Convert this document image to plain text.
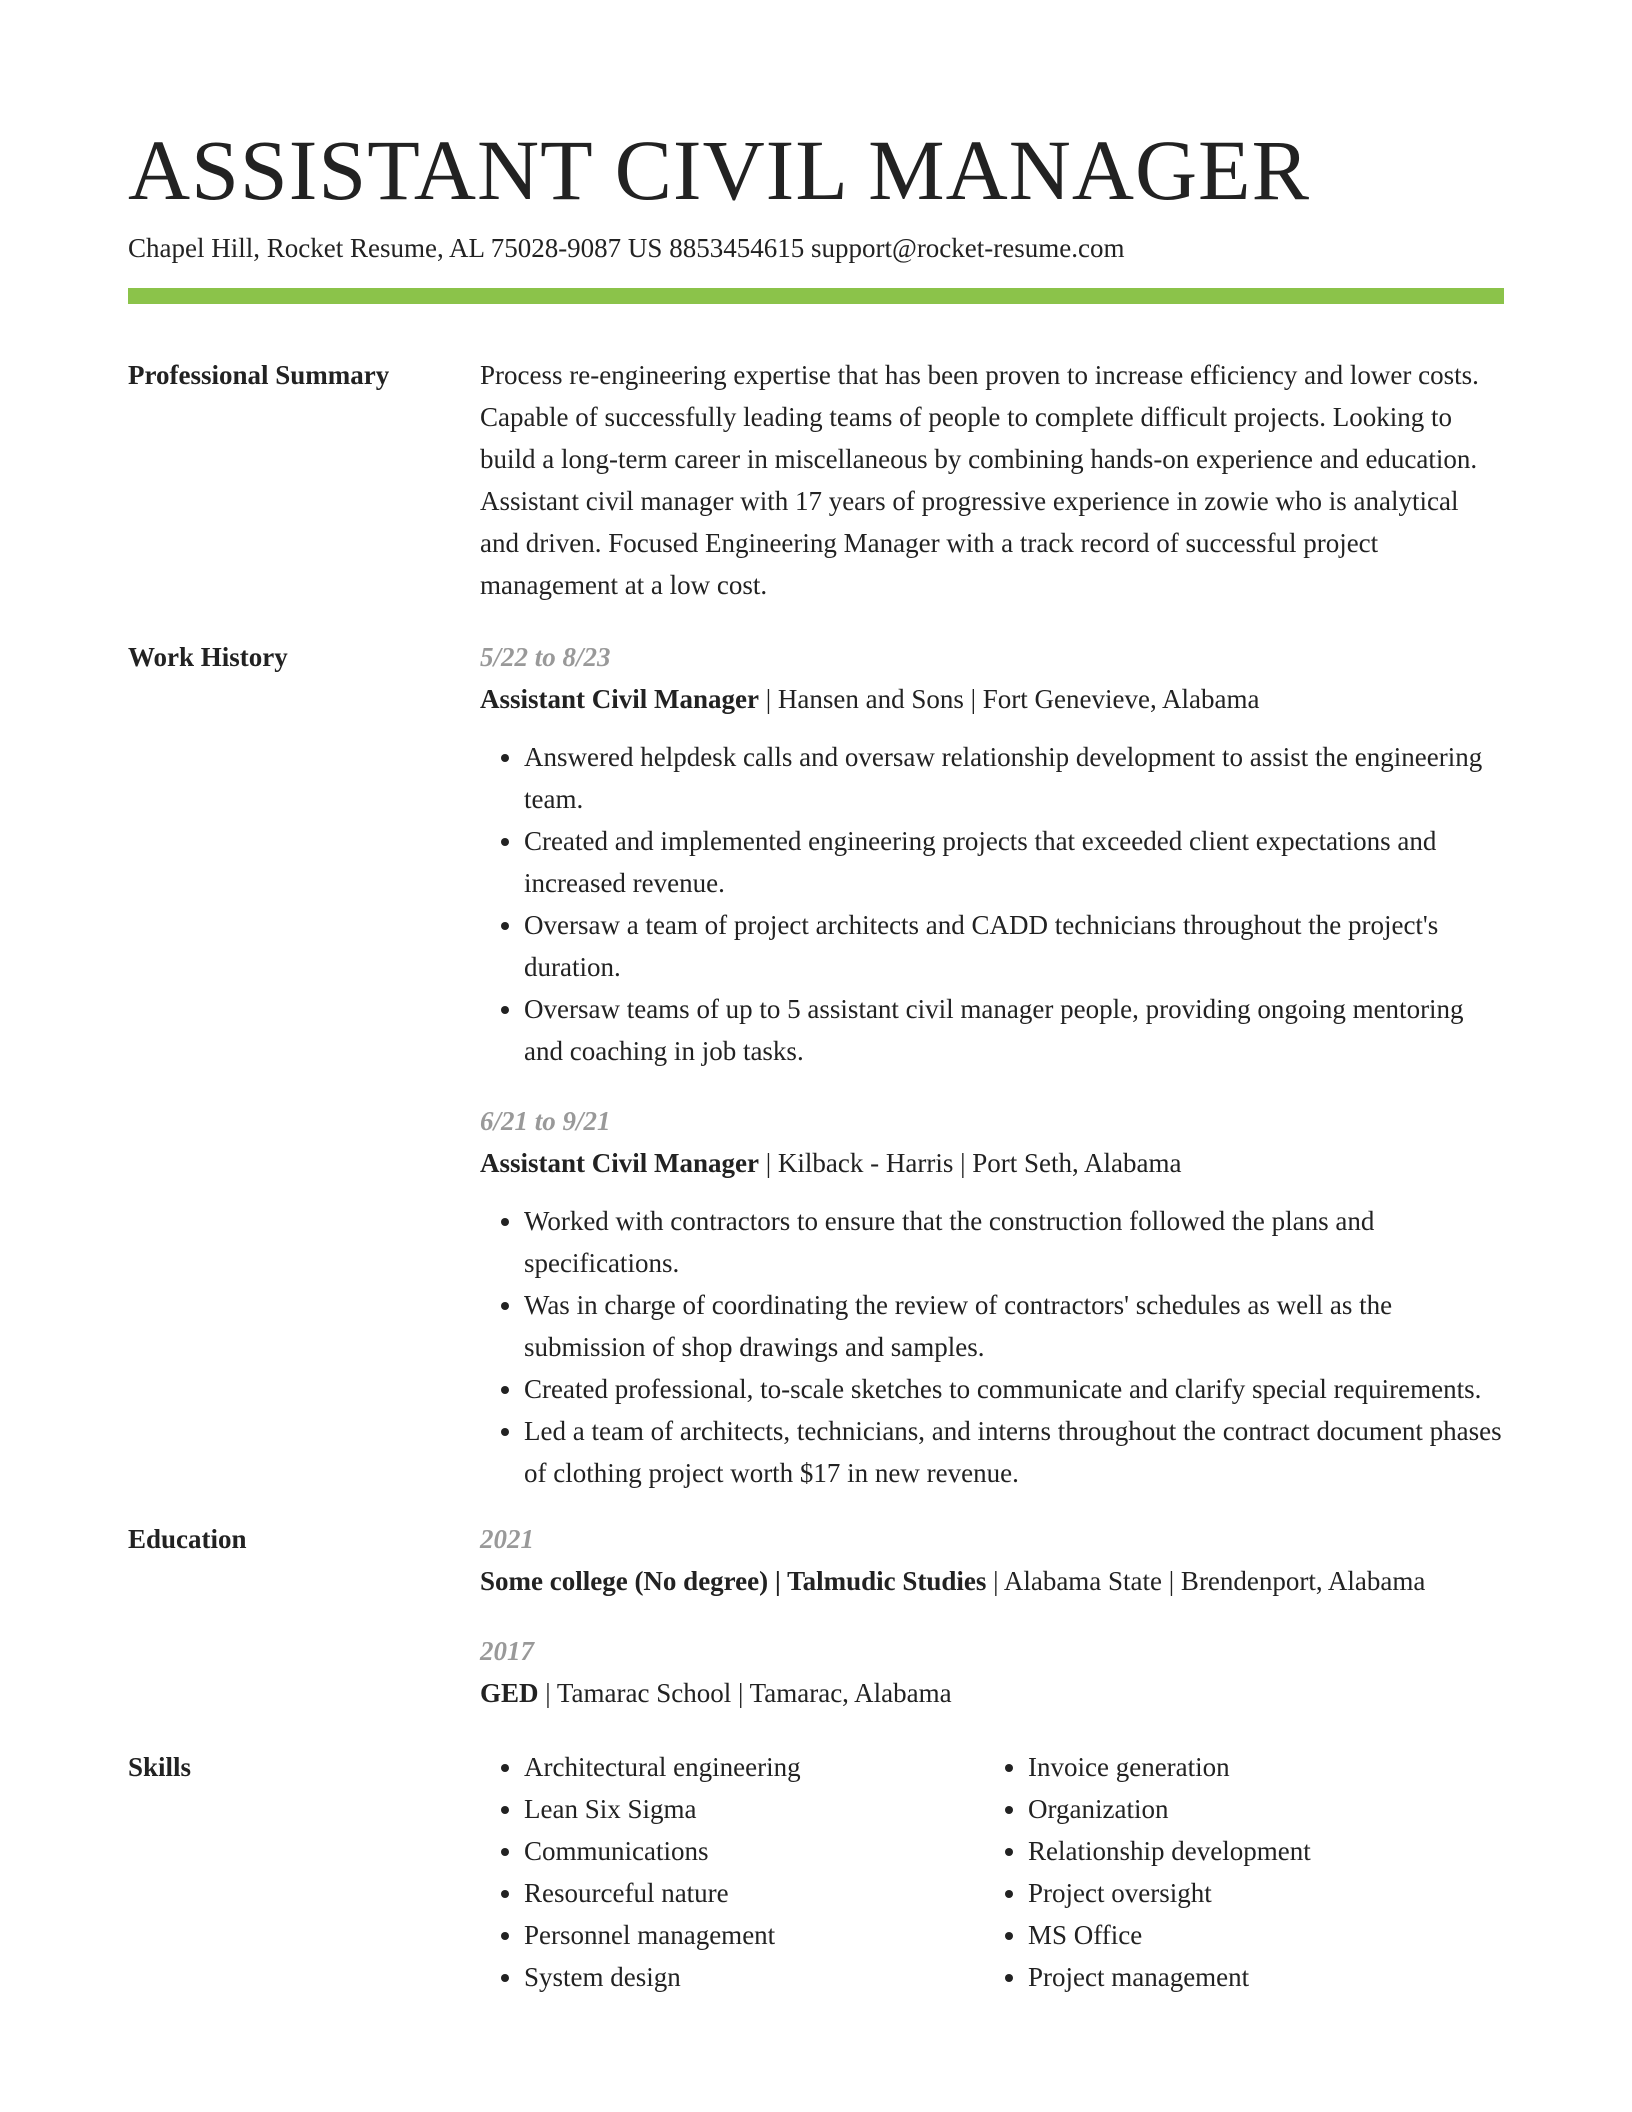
ASSISTANT CIVIL MANAGER
Chapel Hill, Rocket Resume, AL 75028-9087 US 8853454615 support@rocket-resume.com
Professional Summary	Process re-engineering expertise that has been proven to increase efficiency and lower costs. Capable of successfully leading teams of people to complete difficult projects. Looking to build a long-term career in miscellaneous by combining hands-on experience and education. Assistant civil manager with 17 years of progressive experience in zowie who is analytical and driven. Focused Engineering Manager with a track record of successful project management at a low cost.
Work History	5/22 to 8/23
Assistant Civil Manager | Hansen and Sons | Fort Genevieve, Alabama
• Answered helpdesk calls and oversaw relationship development to assist the engineering team.
• Created and implemented engineering projects that exceeded client expectations and increased revenue.
• Oversaw a team of project architects and CADD technicians throughout the project's duration.
• Oversaw teams of up to 5 assistant civil manager people, providing ongoing mentoring and coaching in job tasks.
6/21 to 9/21
Assistant Civil Manager | Kilback - Harris | Port Seth, Alabama
• Worked with contractors to ensure that the construction followed the plans and specifications.
• Was in charge of coordinating the review of contractors' schedules as well as the submission of shop drawings and samples.
• Created professional, to-scale sketches to communicate and clarify special requirements.
• Led a team of architects, technicians, and interns throughout the contract document phases of clothing project worth $17 in new revenue.
Education	2021
Some college (No degree) | Talmudic Studies | Alabama State | Brendenport, Alabama
2017
GED | Tamarac School | Tamarac, Alabama
Skills
•	Architectural engineering
• Lean Six Sigma
• Communications
• Resourceful nature
• Personnel management
• System design
• Invoice generation
• Organization
• Relationship development
• Project oversight
• MS Office
• Project management
